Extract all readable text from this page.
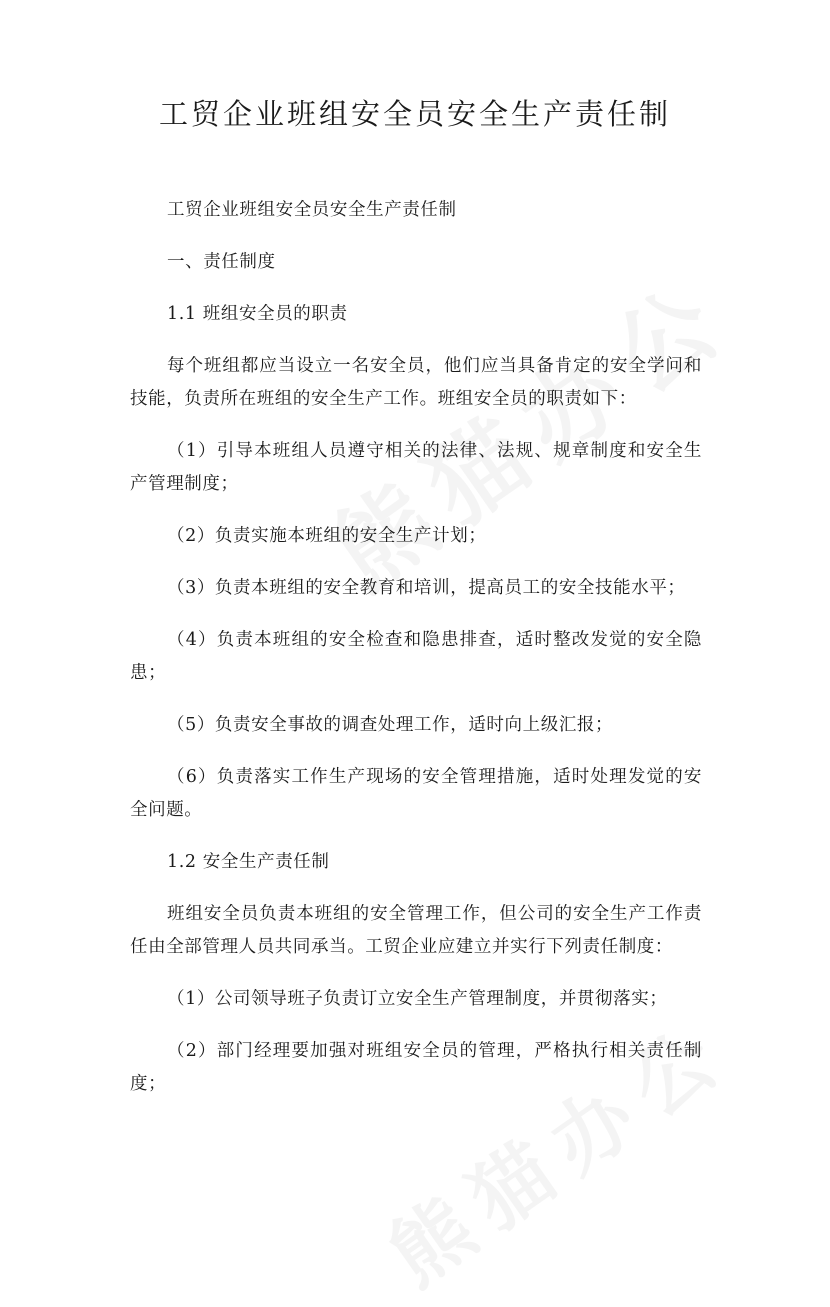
工贸企业班组安全员安全生产责任制

工贸企业班组安全员安全生产责任制

一、责任制度

1.1 班组安全员的职责

每个班组都应当设立一名安全员，他们应当具备肯定的安全学问和技能，负责所在班组的安全生产工作。班组安全员的职责如下：

（1）引导本班组人员遵守相关的法律、法规、规章制度和安全生产管理制度；

（2）负责实施本班组的安全生产计划；

（3）负责本班组的安全教育和培训，提高员工的安全技能水平；

（4）负责本班组的安全检查和隐患排查，适时整改发觉的安全隐患；

（5）负责安全事故的调查处理工作，适时向上级汇报；

（6）负责落实工作生产现场的安全管理措施，适时处理发觉的安全问题。

1.2 安全生产责任制

班组安全员负责本班组的安全管理工作，但公司的安全生产工作责任由全部管理人员共同承当。工贸企业应建立并实行下列责任制度：

（1）公司领导班子负责订立安全生产管理制度，并贯彻落实；

（2）部门经理要加强对班组安全员的管理，严格执行相关责任制度；
